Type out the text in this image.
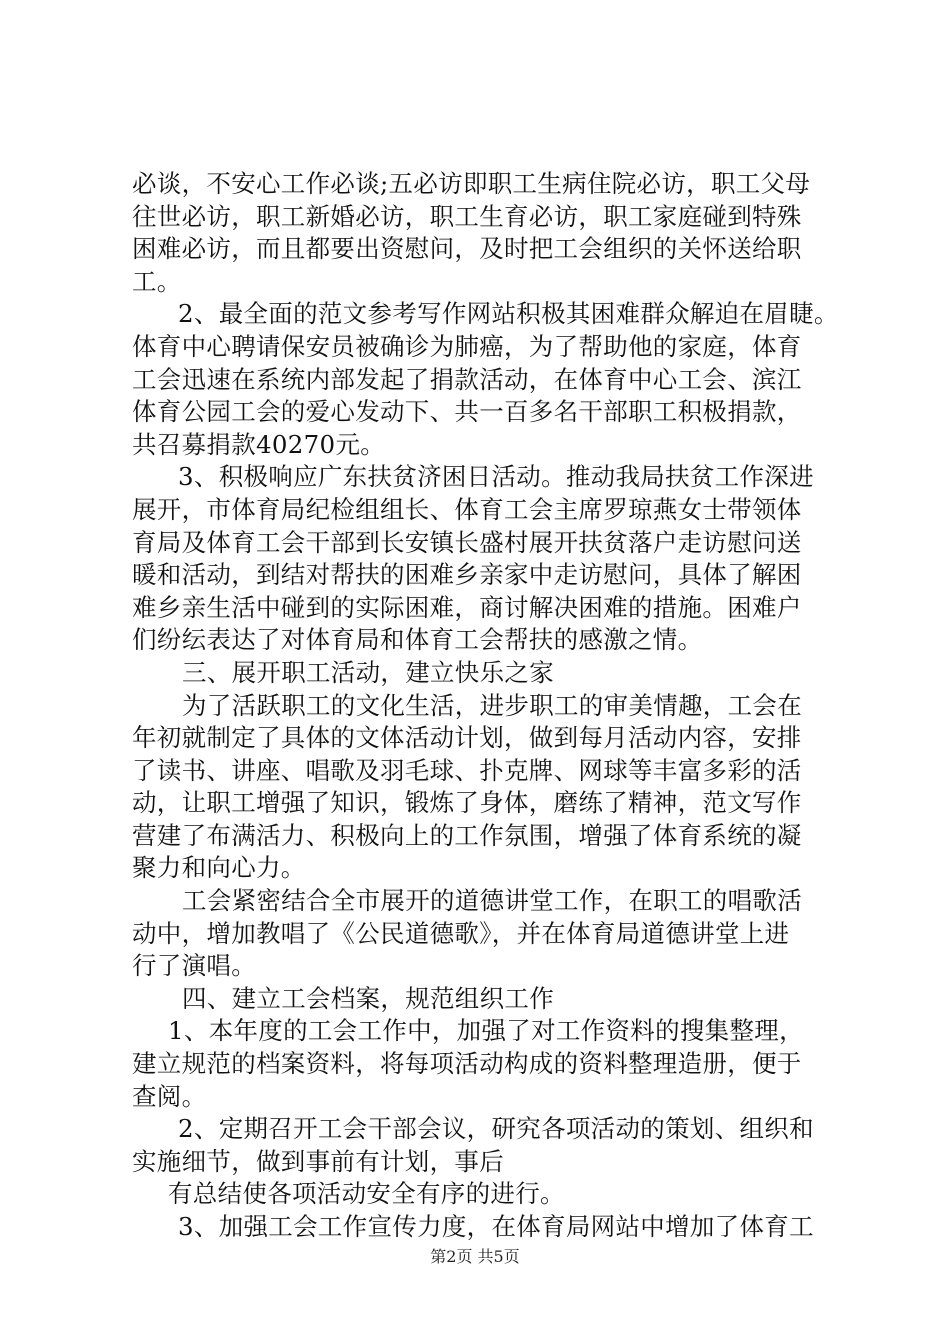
必谈，不安心工作必谈;五必访即职工生病住院必访，职工父母
往世必访，职工新婚必访，职工生育必访，职工家庭碰到特殊
困难必访，而且都要出资慰问，及时把工会组织的关怀送给职
工。
2、最全面的范文参考写作网站积极其困难群众解迫在眉睫。
体育中心聘请保安员被确诊为肺癌，为了帮助他的家庭，体育
工会迅速在系统内部发起了捐款活动，在体育中心工会、滨江
体育公园工会的爱心发动下、共一百多名干部职工积极捐款，
共召募捐款40270元。
3、积极响应广东扶贫济困日活动。推动我局扶贫工作深进
展开，市体育局纪检组组长、体育工会主席罗琼燕女士带领体
育局及体育工会干部到长安镇长盛村展开扶贫落户走访慰问送
暖和活动，到结对帮扶的困难乡亲家中走访慰问，具体了解困
难乡亲生活中碰到的实际困难，商讨解决困难的措施。困难户
们纷纭表达了对体育局和体育工会帮扶的感激之情。
三、展开职工活动，建立快乐之家
为了活跃职工的文化生活，进步职工的审美情趣，工会在
年初就制定了具体的文体活动计划，做到每月活动内容，安排
了读书、讲座、唱歌及羽毛球、扑克牌、网球等丰富多彩的活
动，让职工增强了知识，锻炼了身体，磨练了精神，范文写作
营建了布满活力、积极向上的工作氛围，增强了体育系统的凝
聚力和向心力。
工会紧密结合全市展开的道德讲堂工作，在职工的唱歌活
动中，增加教唱了《公民道德歌》，并在体育局道德讲堂上进
行了演唱。
四、建立工会档案，规范组织工作
1、本年度的工会工作中，加强了对工作资料的搜集整理，
建立规范的档案资料，将每项活动构成的资料整理造册，便于
查阅。
2、定期召开工会干部会议，研究各项活动的策划、组织和
实施细节，做到事前有计划，事后
有总结使各项活动安全有序的进行。
3、加强工会工作宣传力度，在体育局网站中增加了体育工
第2页 共5页
